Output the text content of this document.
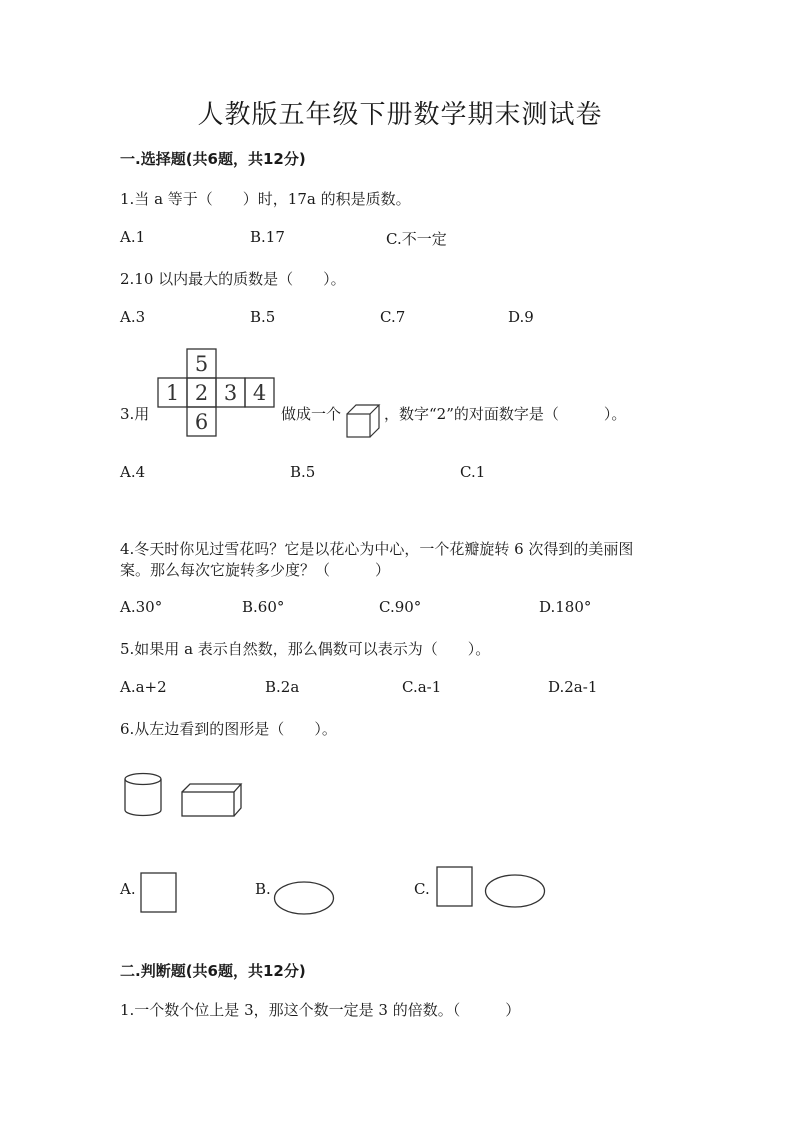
人教版五年级下册数学期末测试卷
一.选择题(共6题，共12分)
1.当 a 等于（　　）时，17a 的积是质数。
A.1	B.17	C.不一定
2.10 以内最大的质数是（　　）。
A.3	B.5	C.7	D.9
3.用
5
1 2 3 4
6	做成一个	，数字“2”的对面数字是（　　　）。
A.4	B.5	C.1
4.冬天时你见过雪花吗？它是以花心为中心，一个花瓣旋转 6 次得到的美丽图
案。那么每次它旋转多少度？（　　　）
A.30°	B.60°	C.90°	D.180°
5.如果用 a 表示自然数，那么偶数可以表示为（　　）。
A.a+2	B.2a	C.a-1	D.2a-1
6.从左边看到的图形是（　　）。
A.	B.	C.
二.判断题(共6题，共12分)
1.一个数个位上是 3，那这个数一定是 3 的倍数。（　　　）
